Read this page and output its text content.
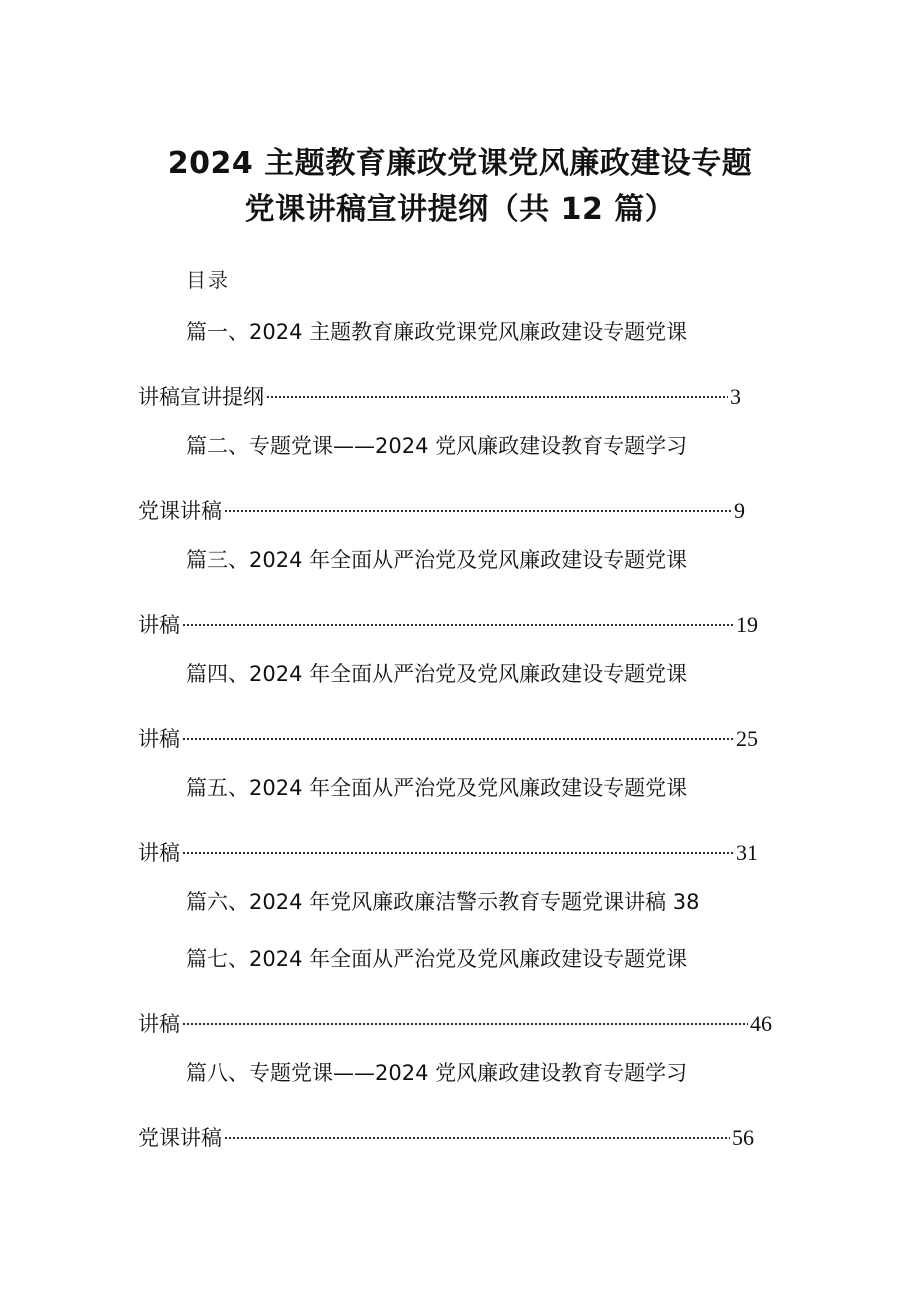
2024 主题教育廉政党课党风廉政建设专题
党课讲稿宣讲提纲（共 12 篇）
目录
篇一、2024 主题教育廉政党课党风廉政建设专题党课
讲稿宣讲提纲	3
篇二、专题党课——2024 党风廉政建设教育专题学习
党课讲稿	9
篇三、2024 年全面从严治党及党风廉政建设专题党课
讲稿	19
篇四、2024 年全面从严治党及党风廉政建设专题党课
讲稿	25
篇五、2024 年全面从严治党及党风廉政建设专题党课
讲稿	31
篇六、2024 年党风廉政廉洁警示教育专题党课讲稿 38
篇七、2024 年全面从严治党及党风廉政建设专题党课
讲稿	46
篇八、专题党课——2024 党风廉政建设教育专题学习
党课讲稿	56
